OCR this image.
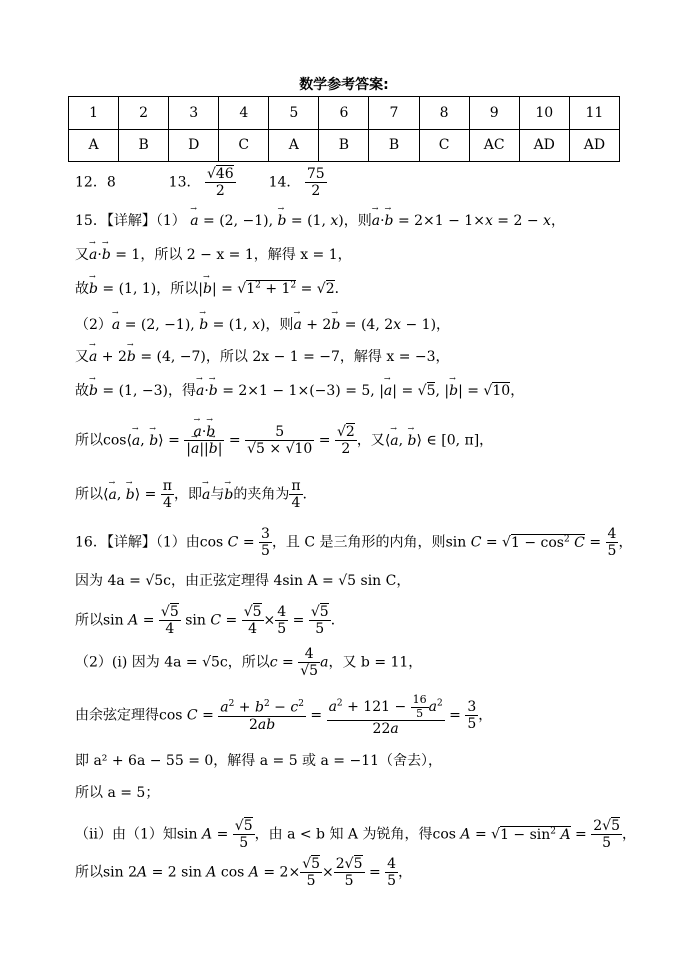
数学参考答案:
1	2	3	4	5	6	7	8	9	10	11
A	B	D	C	A	B	B	C	AC	AD	AD
12．8	13． $\frac{√46}{2} 14$． $\frac{75}{2}$
15．【详解】（1） → a = (2, −1), → b = (1, x)，则→ a·→ b = 2×1 − 1×x = 2 − x，
又→ a·→ b = 1，所以 2 − x = 1，解得 x = 1，
故→ b = (1, 1)，所以|→ $b| = √1^2 + 1^2 = √2$．
（2）→ a = (2, −1), → b = (1, x)，则→ a + 2→ b = (4, 2x − 1)，
又→ a + 2→ b = (4, −7)，所以 2x − 1 = −7，解得 x = −3，
故→ b = (1, −3)，得→ a·→ b = 2×1 − 1×(−3) = 5, |→ a| = √5, |→ b| = √10，
所以cos⟨→ a, → b⟩ = → $\frac{a\cdot\to b}{|\to a||\to b|} = \frac{5}{√5 \times √10} = \frac{√2}{2}$ ，又⟨→ a, → b⟩ ∈ [0, π]，
所以⟨→ a, → b⟩ = $\frac{\pi}{4}$ ，即→ a与→ b的夹角为 $\frac{\pi}{4}$ .
16．【详解】（1）由$\cos C = \frac{3}{5}$ ，且 C 是三角形的内角，则$\sin C = √1 - \cos^2 C = \frac{4}{5}$ ，
因为 4a = √5c，由正弦定理得 4sin A = √5 sin C，
所以$\sin A = \frac{√5}{4}$ $\sin C = \frac{√5}{4} \times \frac{4}{5} = \frac{√5}{5}$ ．
（2）(i) 因为 4a = √5c，所以$c = \frac{4}{√5}$ a，又 b = 11，
由余弦定理得$\cos C = \frac{a^2 + b^2 - c^2}{2ab} = \frac{a^2 + 121 - \frac{16}{5} a^2}{22a} = \frac{3}{5}$ ，
即 a² + 6a − 55 = 0，解得 a = 5 或 a = −11（舍去），
所以 a = 5；
（ii）由（1）知$\sin A = \frac{√5}{5}$ ，由 a < b 知 A 为锐角，得$\cos A = √1 - \sin^2 A = \frac{2√5}{5}$ ，
所以sin 2A = 2 sin A $\cos A = 2\times \frac{√5}{5} \times \frac{2√5}{5} = \frac{4}{5}$ ，
